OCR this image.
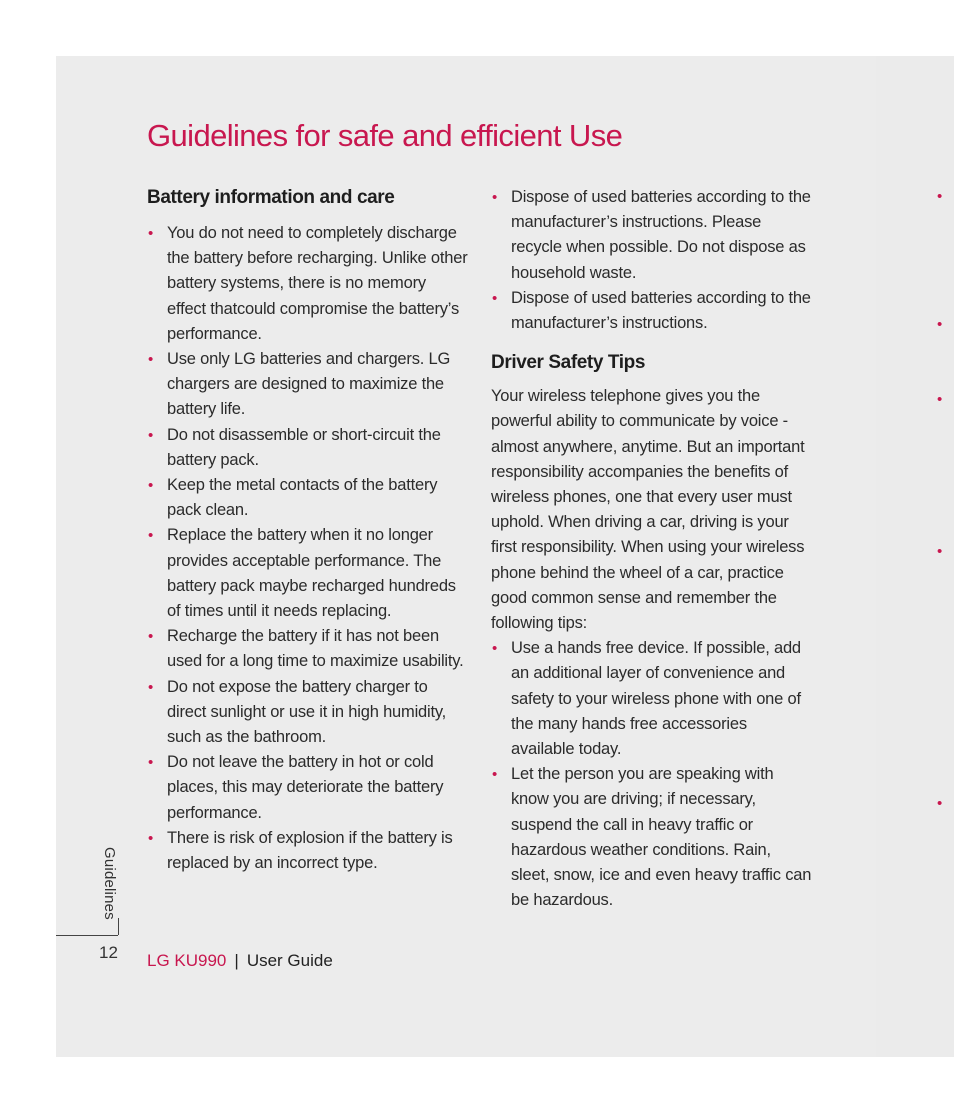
Guidelines for safe and efficient Use
Battery information and care
• You do not need to completely discharge the battery before recharging. Unlike other battery systems, there is no memory effect thatcould compromise the battery’s performance.
• Use only LG batteries and chargers. LG chargers are designed to maximize the battery life.
• Do not disassemble or short-circuit the battery pack.
• Keep the metal contacts of the battery pack clean.
• Replace the battery when it no longer provides acceptable performance. The battery pack maybe recharged hundreds of times until it needs replacing.
• Recharge the battery if it has not been used for a long time to maximize usability.
• Do not expose the battery charger to direct sunlight or use it in high humidity, such as the bathroom.
• Do not leave the battery in hot or cold places, this may deteriorate the battery performance.
• There is risk of explosion if the battery is replaced by an incorrect type.
• Dispose of used batteries according to the manufacturer’s instructions. Please recycle when possible. Do not dispose as household waste.
• Dispose of used batteries according to the manufacturer’s instructions.
Driver Safety Tips

Your wireless telephone gives you the powerful ability to communicate by voice - almost anywhere, anytime. But an important responsibility accompanies the benefits of wireless phones, one that every user must uphold. When driving a car, driving is your first responsibility. When using your wireless phone behind the wheel of a car, practice good common sense and remember the following tips:

• Use a hands free device. If possible, add an additional layer of convenience and safety to your wireless phone with one of the many hands free accessories available today.
• Let the person you are speaking with know you are driving; if necessary, suspend the call in heavy traffic or hazardous weather conditions. Rain, sleet, snow, ice and even heavy traffic can be hazardous.
•
•
•
•
•
Guidelines
12 LG KU990 | User Guide
